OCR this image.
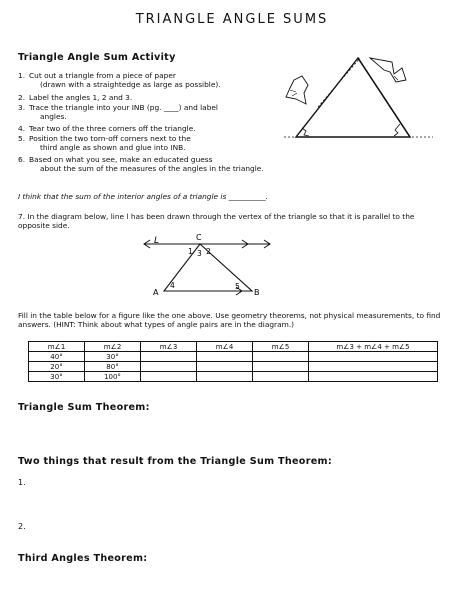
TRIANGLE ANGLE SUMS
Triangle Angle Sum Activity
1. Cut out a triangle from a piece of paper
(drawn with a straightedge as large as possible).
2. Label the angles 1, 2 and 3.
3. Trace the triangle into your INB (pg. ____) and label
angles.
4. Tear two of the three corners off the triangle.
5. Position the two torn-off corners next to the
third angle as shown and glue into INB.
6. Based on what you see, make an educated guess
about the sum of the measures of the angles in the triangle.
I think that the sum of the interior angles of a triangle is __________.
7. In the diagram below, line l has been drawn through the vertex of the triangle so that it is parallel to the opposite side.
L	C
A	B
1 3 2
4	5
Fill in the table below for a figure like the one above. Use geometry theorems, not physical measurements, to find answers. (HINT: Think about what types of angle pairs are in the diagram.)
m∠1	m∠2	m∠3	m∠4	m∠5	m∠3 + m∠4 + m∠5
40°	30°				
20°	80°				
30°	100°				
Triangle Sum Theorem:
Two things that result from the Triangle Sum Theorem:
1.
2.
Third Angles Theorem:
